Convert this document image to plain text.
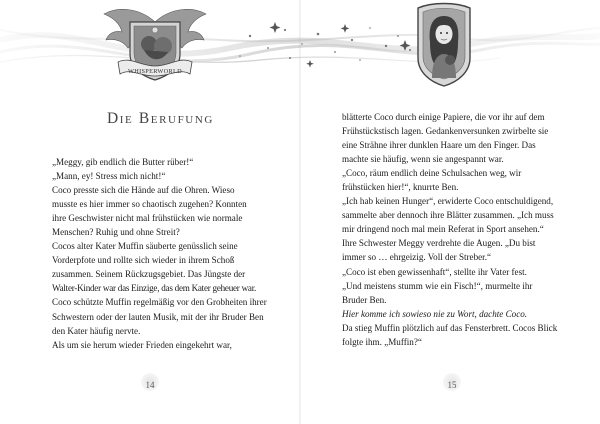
WHISPERWORLD
Die Berufung

„Meggy, gib endlich die Butter rüber!“

„Mann, ey! Stress mich nicht!“

Coco presste sich die Hände auf die Ohren. Wieso

musste es hier immer so chaotisch zugehen? Konnten

ihre Geschwister nicht mal frühstücken wie normale

Menschen? Ruhig und ohne Streit?

Cocos alter Kater Muffin säuberte genüsslich seine

Vorderpfote und rollte sich wieder in ihrem Schoß

zusammen. Seinem Rückzugsgebiet. Das Jüngste der

Walter-Kinder war das Einzige, das dem Kater geheuer war.

Coco schützte Muffin regelmäßig vor den Grobheiten ihrer

Schwestern oder der lauten Musik, mit der ihr Bruder Ben

den Kater häufig nervte.

Als um sie herum wieder Frieden eingekehrt war,

14

blätterte Coco durch einige Papiere, die vor ihr auf dem

Frühstückstisch lagen. Gedankenversunken zwirbelte sie

eine Strähne ihrer dunklen Haare um den Finger. Das

machte sie häufig, wenn sie angespannt war.

„Coco, räum endlich deine Schulsachen weg, wir

frühstücken hier!“, knurrte Ben.

„Ich hab keinen Hunger“, erwiderte Coco entschuldigend,

sammelte aber dennoch ihre Blätter zusammen. „Ich muss

mir dringend noch mal mein Referat in Sport ansehen.“

Ihre Schwester Meggy verdrehte die Augen. „Du bist

immer so … ehrgeizig. Voll der Streber.“

„Coco ist eben gewissenhaft“, stellte ihr Vater fest.

„Und meistens stumm wie ein Fisch!“, murmelte ihr

Bruder Ben.

Hier komme ich sowieso nie zu Wort, dachte Coco.

Da stieg Muffin plötzlich auf das Fensterbrett. Cocos Blick

folgte ihm. „Muffin?“

15
